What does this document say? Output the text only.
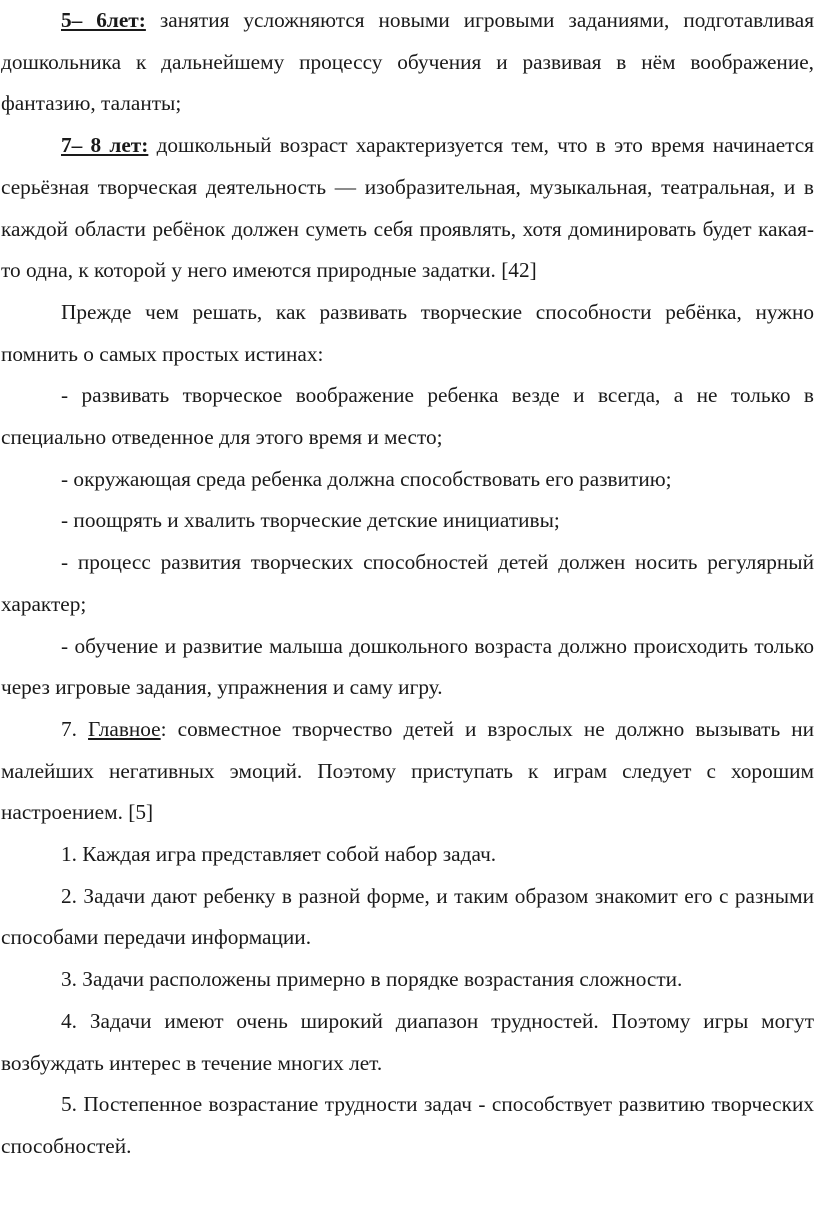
5– 6лет: занятия усложняются новыми игровыми заданиями, подготавливая дошкольника к дальнейшему процессу обучения и развивая в нём воображение, фантазию, таланты;

7– 8 лет: дошкольный возраст характеризуется тем, что в это время начинается серьёзная творческая деятельность — изобразительная, музыкальная, театральная, и в каждой области ребёнок должен суметь себя проявлять, хотя доминировать будет какая-то одна, к которой у него имеются природные задатки. [42]

Прежде чем решать, как развивать творческие способности ребёнка, нужно помнить о самых простых истинах:

- развивать творческое воображение ребенка везде и всегда, а не только в специально отведенное для этого время и место;

- окружающая среда ребенка должна способствовать его развитию;

- поощрять и хвалить творческие детские инициативы;

- процесс развития творческих способностей детей должен носить регулярный характер;

- обучение и развитие малыша дошкольного возраста должно происходить только через игровые задания, упражнения и саму игру.

7. Главное: совместное творчество детей и взрослых не должно вызывать ни малейших негативных эмоций. Поэтому приступать к играм следует с хорошим настроением. [5]

1. Каждая игра представляет собой набор задач.

2. Задачи дают ребенку в разной форме, и таким образом знакомит его с разными способами передачи информации.

3. Задачи расположены примерно в порядке возрастания сложности.

4. Задачи имеют очень широкий диапазон трудностей. Поэтому игры могут возбуждать интерес в течение многих лет.

5. Постепенное возрастание трудности задач - способствует развитию творческих способностей.
